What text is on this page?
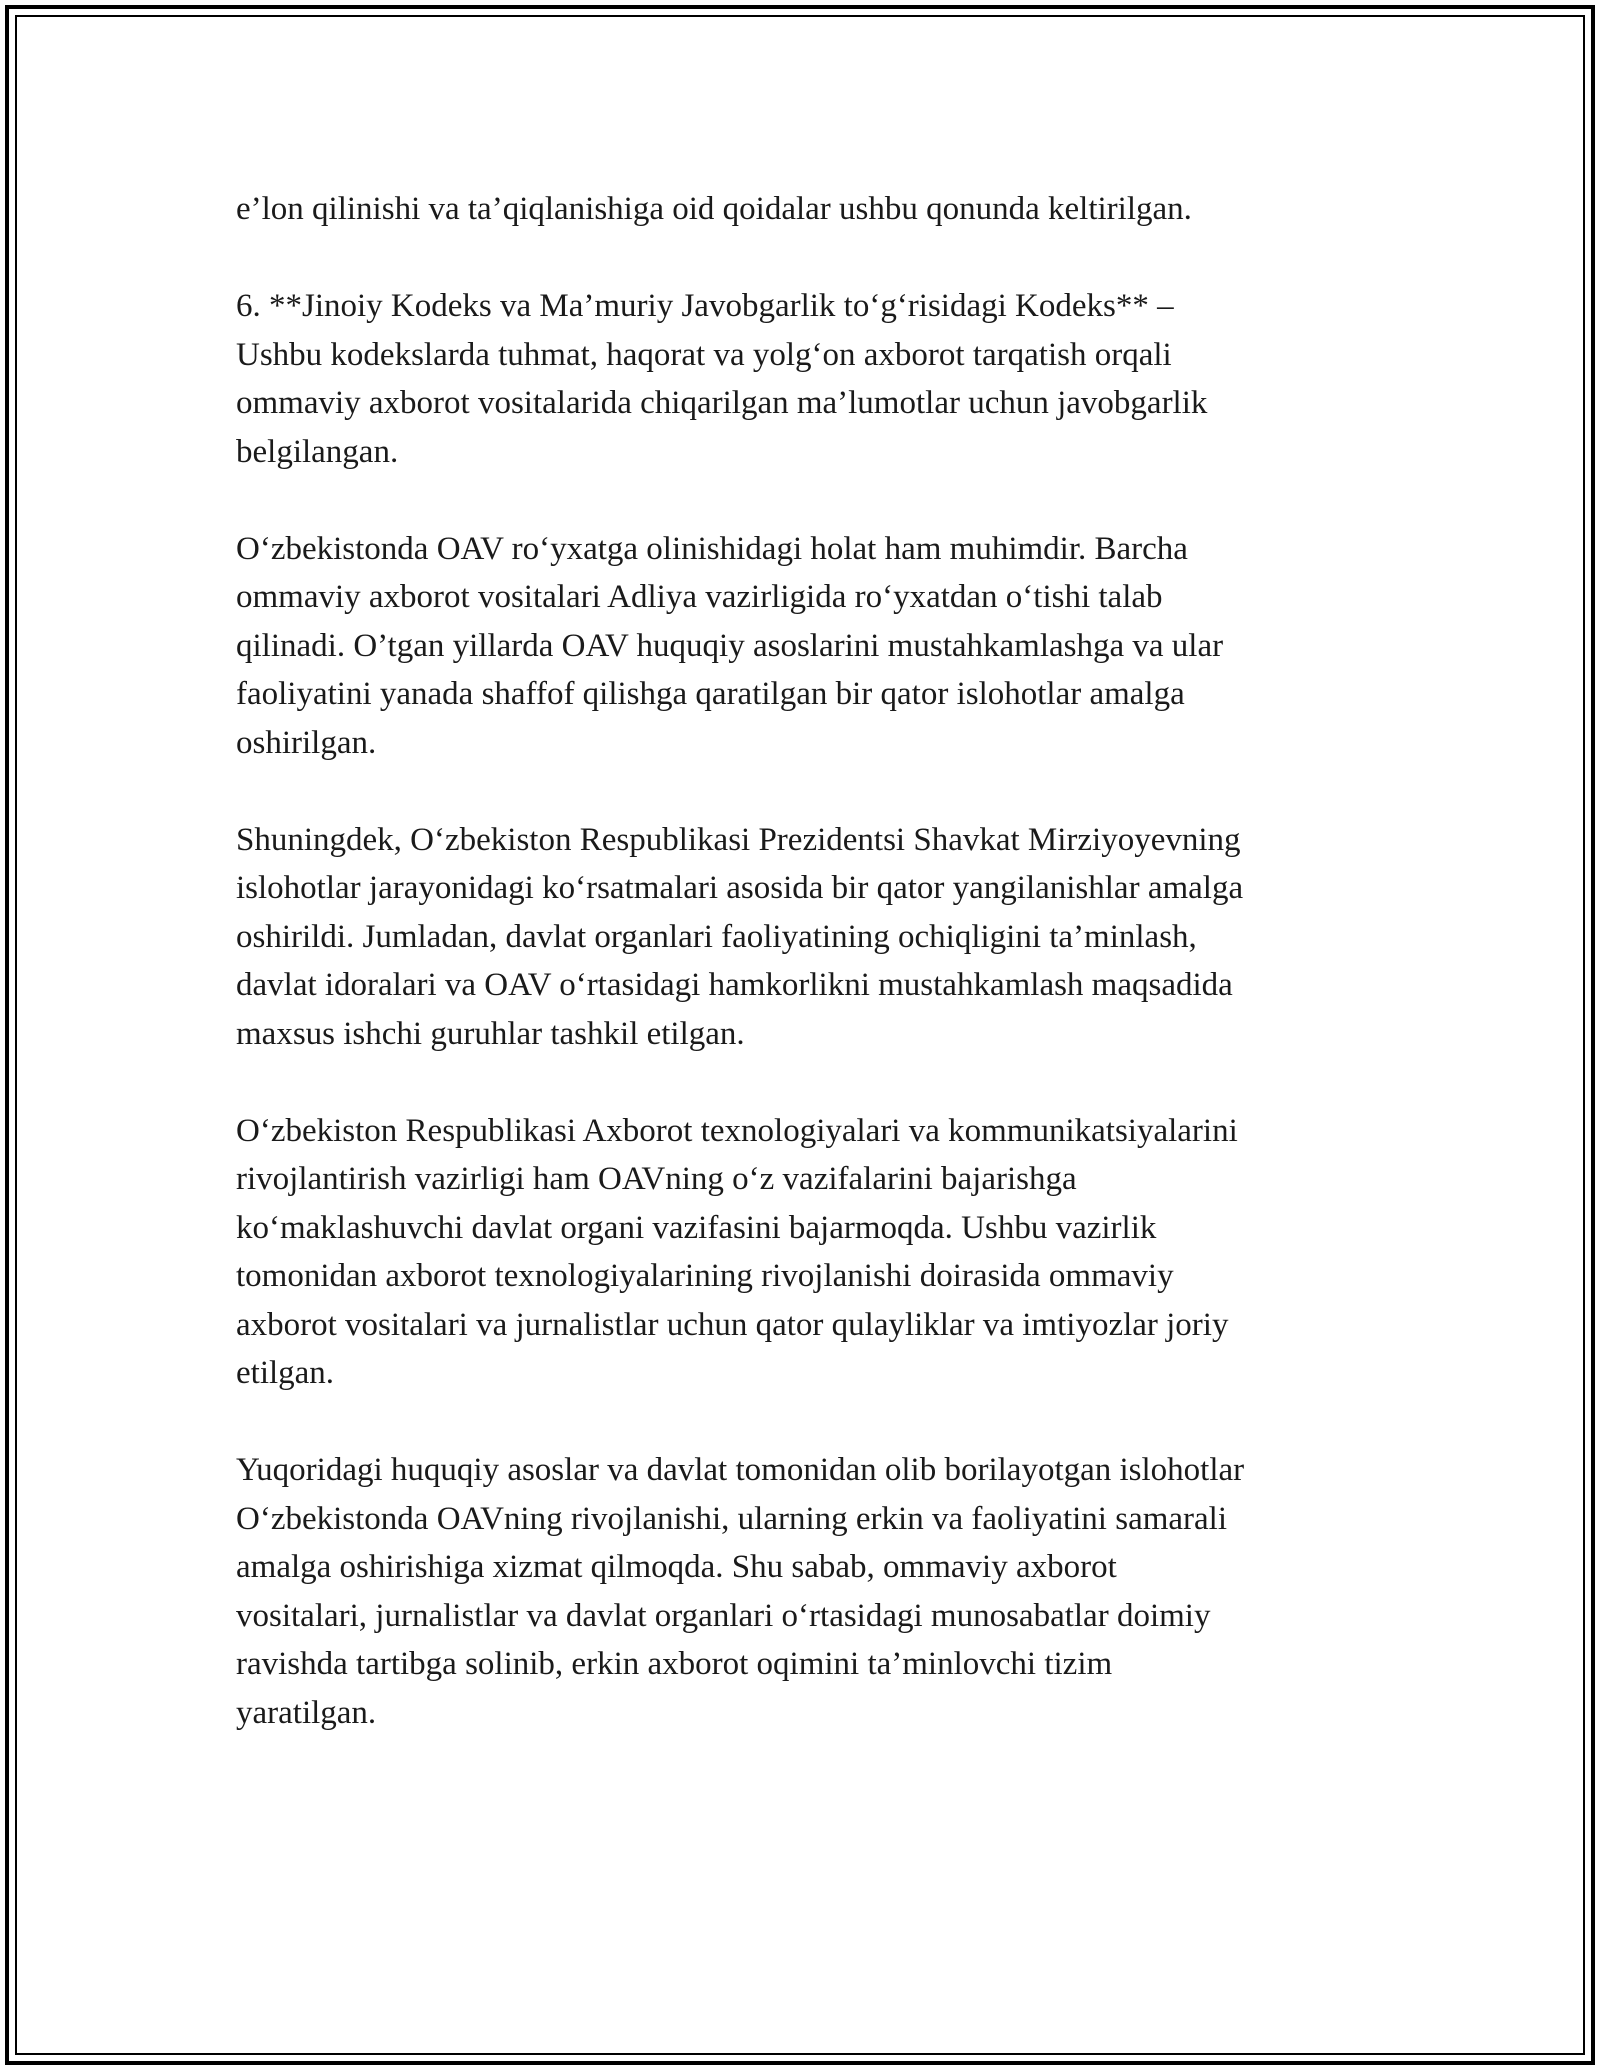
e’lon qilinishi va ta’qiqlanishiga oid qoidalar ushbu qonunda keltirilgan.

6. **Jinoiy Kodeks va Ma’muriy Javobgarlik to‘g‘risidagi Kodeks** –
Ushbu kodekslarda tuhmat, haqorat va yolg‘on axborot tarqatish orqali
ommaviy axborot vositalarida chiqarilgan ma’lumotlar uchun javobgarlik
belgilangan.

O‘zbekistonda OAV ro‘yxatga olinishidagi holat ham muhimdir. Barcha
ommaviy axborot vositalari Adliya vazirligida ro‘yxatdan o‘tishi talab
qilinadi. O’tgan yillarda OAV huquqiy asoslarini mustahkamlashga va ular
faoliyatini yanada shaffof qilishga qaratilgan bir qator islohotlar amalga
oshirilgan.

Shuningdek, O‘zbekiston Respublikasi Prezidentsi Shavkat Mirziyoyevning
islohotlar jarayonidagi ko‘rsatmalari asosida bir qator yangilanishlar amalga
oshirildi. Jumladan, davlat organlari faoliyatining ochiqligini ta’minlash,
davlat idoralari va OAV o‘rtasidagi hamkorlikni mustahkamlash maqsadida
maxsus ishchi guruhlar tashkil etilgan.

O‘zbekiston Respublikasi Axborot texnologiyalari va kommunikatsiyalarini
rivojlantirish vazirligi ham OAVning o‘z vazifalarini bajarishga
ko‘maklashuvchi davlat organi vazifasini bajarmoqda. Ushbu vazirlik
tomonidan axborot texnologiyalarining rivojlanishi doirasida ommaviy
axborot vositalari va jurnalistlar uchun qator qulayliklar va imtiyozlar joriy
etilgan.

Yuqoridagi huquqiy asoslar va davlat tomonidan olib borilayotgan islohotlar
O‘zbekistonda OAVning rivojlanishi, ularning erkin va faoliyatini samarali
amalga oshirishiga xizmat qilmoqda. Shu sabab, ommaviy axborot
vositalari, jurnalistlar va davlat organlari o‘rtasidagi munosabatlar doimiy
ravishda tartibga solinib, erkin axborot oqimini ta’minlovchi tizim
yaratilgan.
